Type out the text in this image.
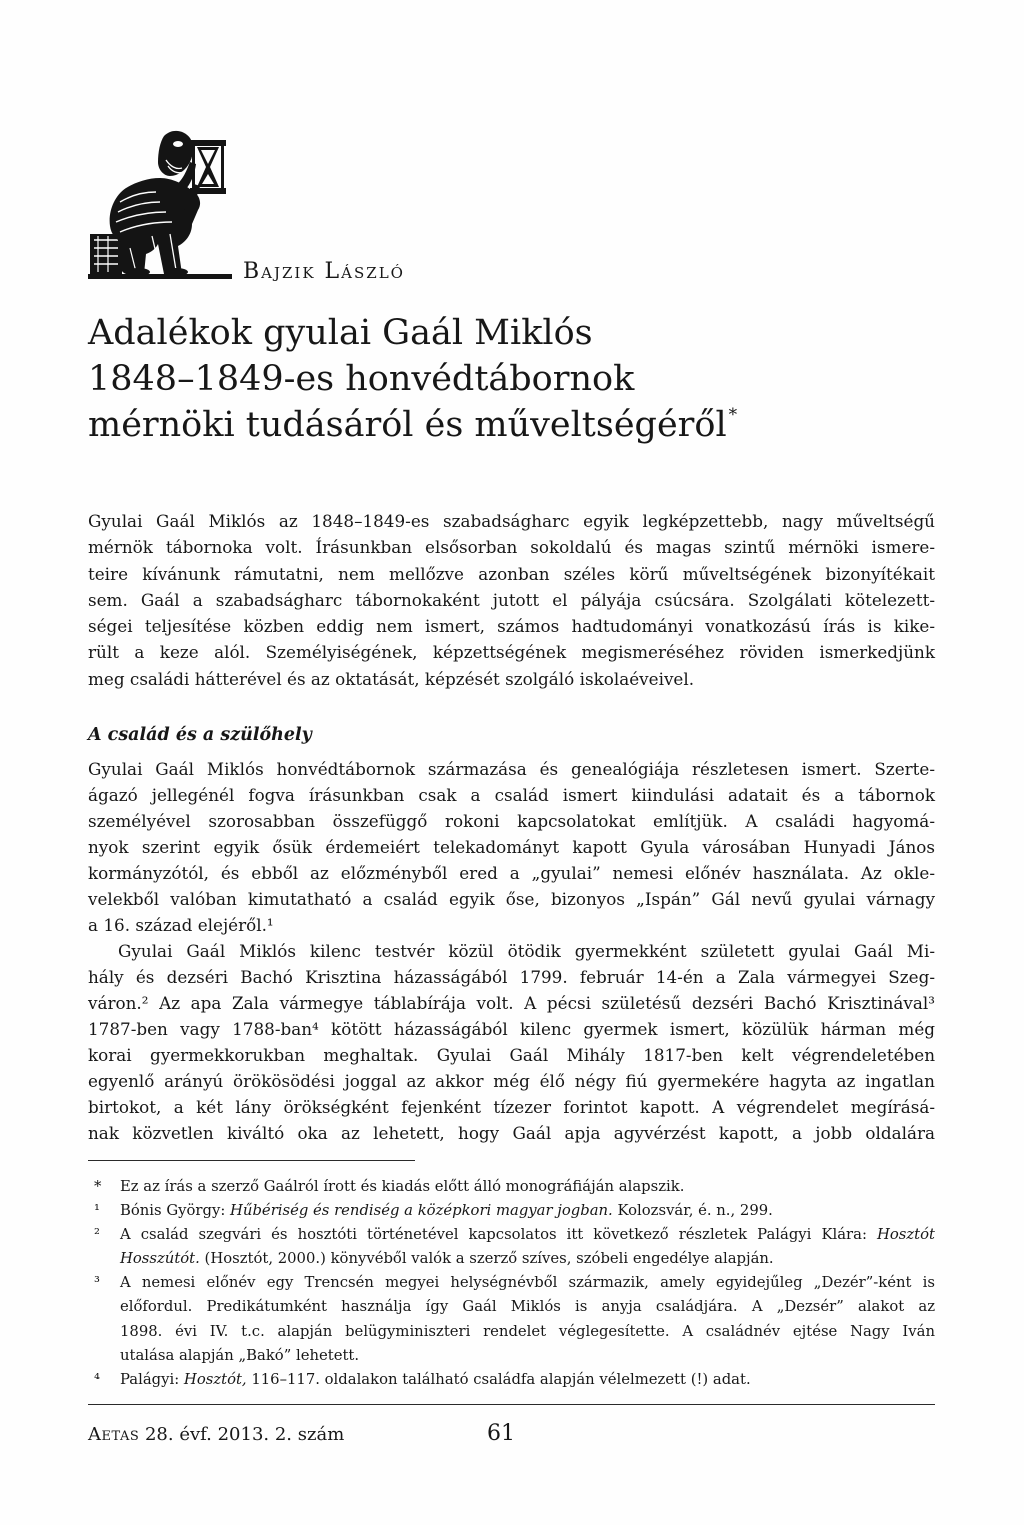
Bajzik László
Adalékok gyulai Gaál Miklós
1848–1849-es honvédtábornok
mérnöki tudásáról és műveltségéről *
Gyulai Gaál Miklós az 1848–1849-es szabadságharc egyik legképzettebb, nagy műveltségű
mérnök tábornoka volt. Írásunkban elsősorban sokoldalú és magas szintű mérnöki ismere-
teire kívánunk rámutatni, nem mellőzve azonban széles körű műveltségének bizonyítékait
sem. Gaál a szabadságharc tábornokaként jutott el pályája csúcsára. Szolgálati kötelezett-
ségei teljesítése közben eddig nem ismert, számos hadtudományi vonatkozású írás is kike-
rült a keze alól. Személyiségének, képzettségének megismeréséhez röviden ismerkedjünk
meg családi hátterével és az oktatását, képzését szolgáló iskolaéveivel.
A család és a szülőhely
Gyulai Gaál Miklós honvédtábornok származása és genealógiája részletesen ismert. Szerte-
ágazó jellegénél fogva írásunkban csak a család ismert kiindulási adatait és a tábornok
személyével szorosabban összefüggő rokoni kapcsolatokat említjük. A családi hagyomá-
nyok szerint egyik ősük érdemeiért telekadományt kapott Gyula városában Hunyadi János
kormányzótól, és ebből az előzményből ered a „gyulai” nemesi előnév használata. Az okle-
velekből valóban kimutatható a család egyik őse, bizonyos „Ispán” Gál nevű gyulai várnagy
a 16. század elejéről.¹
Gyulai Gaál Miklós kilenc testvér közül ötödik gyermekként született gyulai Gaál Mi-
hály és dezséri Bachó Krisztina házasságából 1799. február 14-én a Zala vármegyei Szeg-
váron.² Az apa Zala vármegye táblabírája volt. A pécsi születésű dezséri Bachó Krisztinával³
1787-ben vagy 1788-ban⁴ kötött házasságából kilenc gyermek ismert, közülük hárman még
korai gyermekkorukban meghaltak. Gyulai Gaál Mihály 1817-ben kelt végrendeletében
egyenlő arányú örökösödési joggal az akkor még élő négy fiú gyermekére hagyta az ingatlan
birtokot, a két lány örökségként fejenként tízezer forintot kapott. A végrendelet megírásá-
nak közvetlen kiváltó oka az lehetett, hogy Gaál apja agyvérzést kapott, a jobb oldalára
* Ez az írás a szerző Gaálról írott és kiadás előtt álló monográfiáján alapszik.
¹ Bónis György: Hűbériség és rendiség a középkori magyar jogban. Kolozsvár, é. n., 299.
² A család szegvári és hosztóti történetével kapcsolatos itt következő részletek Palágyi Klára: Hosztót
Hosszútót. (Hosztót, 2000.) könyvéből valók a szerző szíves, szóbeli engedélye alapján.
³ A nemesi előnév egy Trencsén megyei helységnévből származik, amely egyidejűleg „Dezér”-ként is
előfordul. Predikátumként használja így Gaál Miklós is anyja családjára. A „Dezsér” alakot az
1898. évi IV. t.c. alapján belügyminiszteri rendelet véglegesítette. A családnév ejtése Nagy Iván
utalása alapján „Bakó” lehetett.
⁴ Palágyi: Hosztót, 116–117. oldalakon található családfa alapján vélelmezett (!) adat.
Aetas 28. évf. 2013. 2. szám	61
